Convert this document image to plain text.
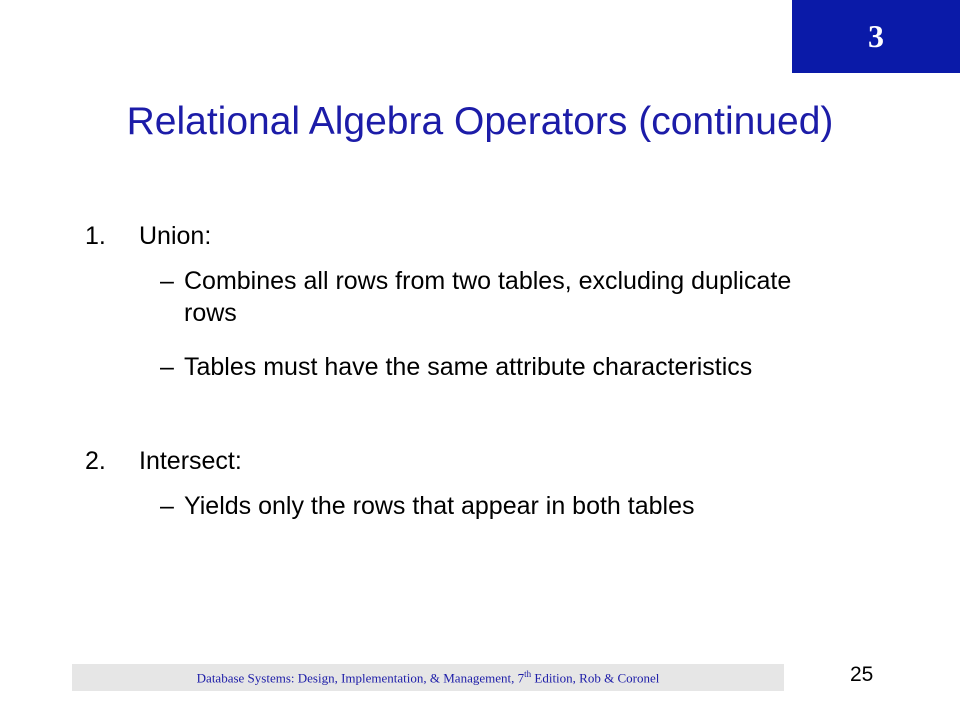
3
Relational Algebra Operators (continued)
1.	Union:
– Combines all rows from two tables, excluding duplicate rows
– Tables must have the same attribute characteristics
2.	Intersect:
– Yields only the rows that appear in both tables
Database Systems: Design, Implementation, & Management, 7th Edition, Rob & Coronel	25
